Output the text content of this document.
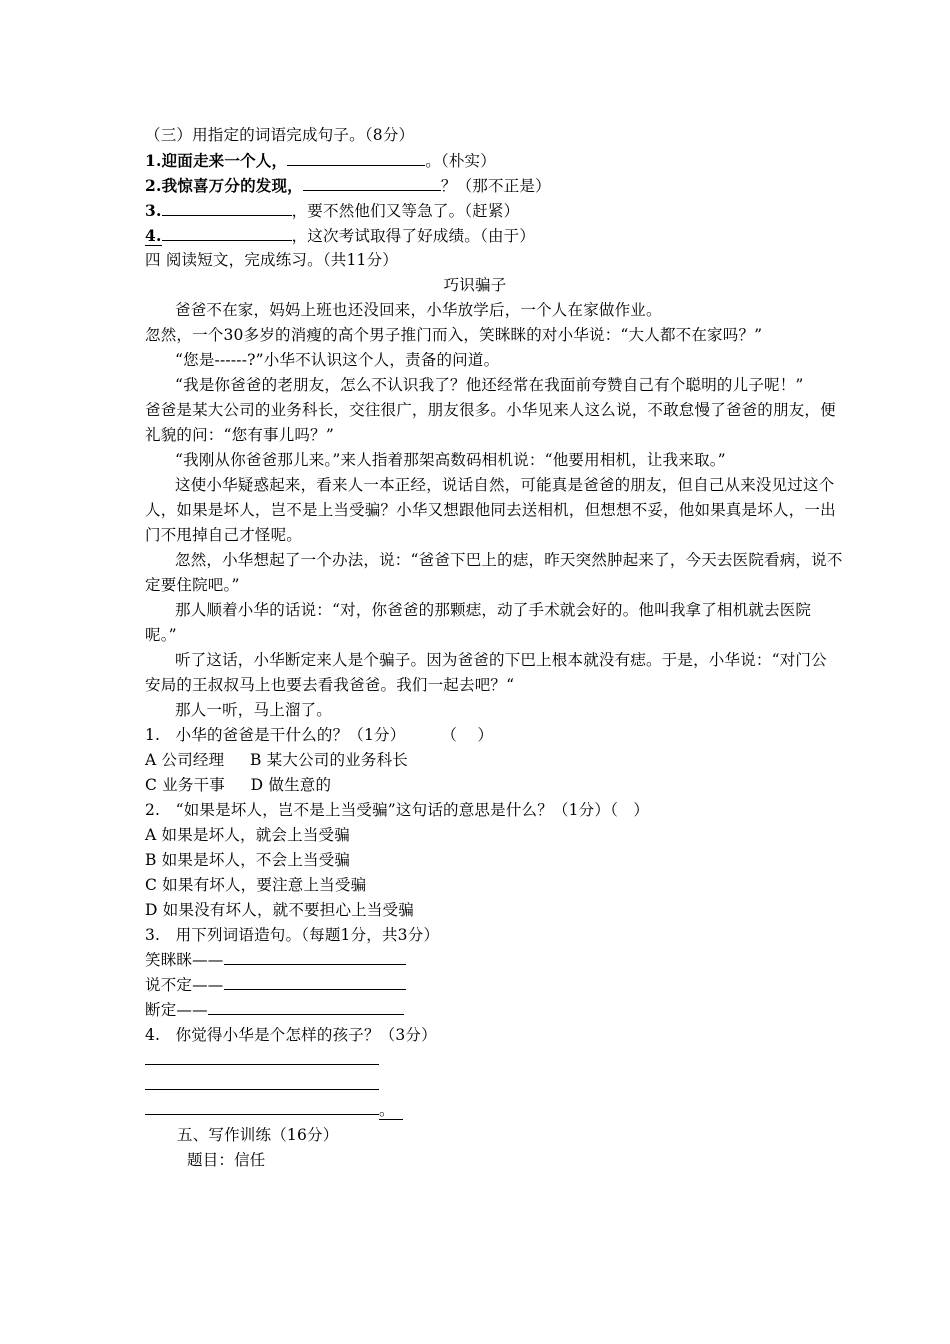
（三）用指定的词语完成句子。（8分）
1.迎面走来一个人，	。（朴实）
2.我惊喜万分的发现，	？（那不正是）
3.	，要不然他们又等急了。（赶紧）
4.	，这次考试取得了好成绩。（由于）
四 阅读短文，完成练习。（共11分）
巧识骗子
爸爸不在家，妈妈上班也还没回来，小华放学后，一个人在家做作业。
忽然，一个30多岁的消瘦的高个男子推门而入，笑眯眯的对小华说：“大人都不在家吗？”
“您是------?”小华不认识这个人，责备的问道。
“我是你爸爸的老朋友，怎么不认识我了？他还经常在我面前夸赞自己有个聪明的儿子呢！”
爸爸是某大公司的业务科长，交往很广，朋友很多。小华见来人这么说，不敢怠慢了爸爸的朋友，便
礼貌的问：“您有事儿吗？”
“我刚从你爸爸那儿来。”来人指着那架高数码相机说：“他要用相机，让我来取。”
这使小华疑惑起来，看来人一本正经，说话自然，可能真是爸爸的朋友，但自己从来没见过这个
人，如果是坏人，岂不是上当受骗？小华又想跟他同去送相机，但想想不妥，他如果真是坏人，一出
门不甩掉自己才怪呢。
忽然，小华想起了一个办法，说：“爸爸下巴上的痣，昨天突然肿起来了，今天去医院看病，说不
定要住院吧。”
那人顺着小华的话说：“对，你爸爸的那颗痣，动了手术就会好的。他叫我拿了相机就去医院
呢。”
听了这话，小华断定来人是个骗子。因为爸爸的下巴上根本就没有痣。于是，小华说：“对门公
安局的王叔叔马上也要去看我爸爸。我们一起去吧？“
那人一听，马上溜了。
1.   小华的爸爸是干什么的？（1分）       （    ）
A 公司经理     B 某大公司的业务科长
C 业务干事     D 做生意的
2.   “如果是坏人，岂不是上当受骗”这句话的意思是什么？（1分）（   ）
A 如果是坏人，就会上当受骗
B 如果是坏人，不会上当受骗
C 如果有坏人，要注意上当受骗
D 如果没有坏人，就不要担心上当受骗
3.   用下列词语造句。（每题1分，共3分）
笑眯眯——
说不定——
断定——
4.   你觉得小华是个怎样的孩子？（3分）
。
五、写作训练（16分）
题目：信任
